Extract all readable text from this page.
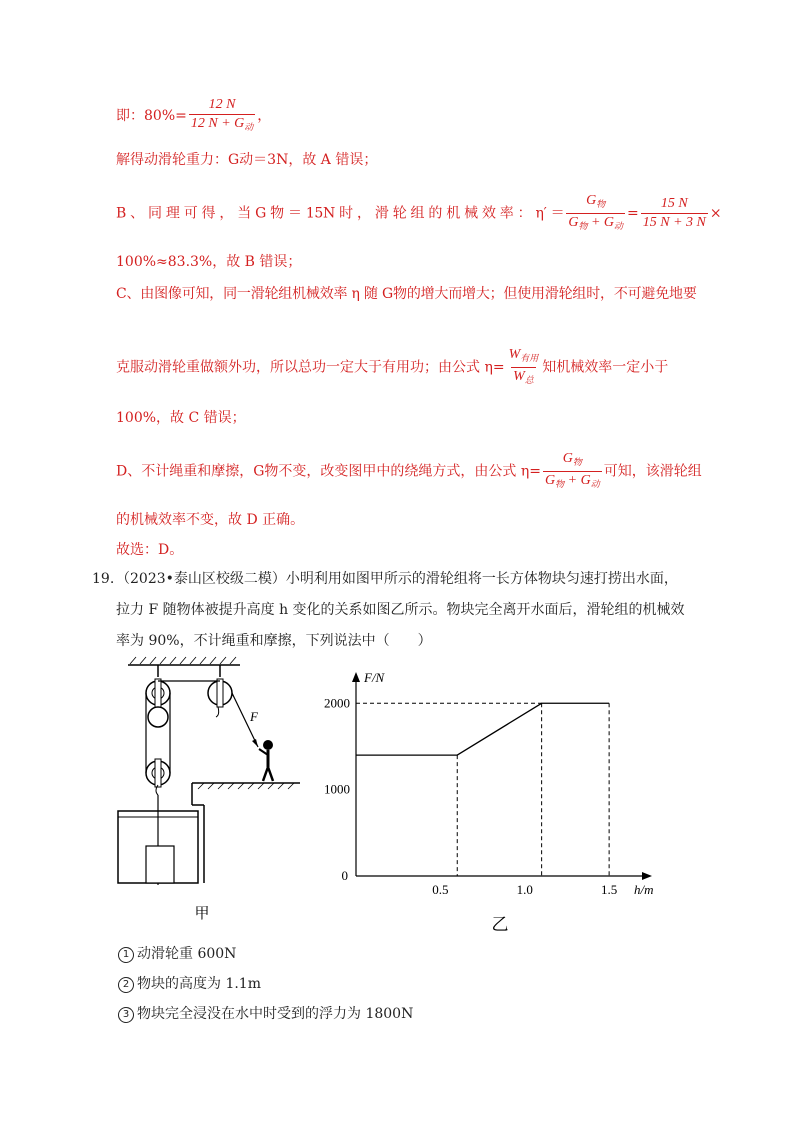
即：$80\%= \frac{12 N}{12 N + G_动}$ ，
解得动滑轮重力：G动＝3N，故 A 错误；
B 、 同 理 可 得 ， 当 G 物 ＝ 15N 时 ， 滑 轮 组 的 机 械 效 率 ： $\eta' = \frac{G_物}{G_物 + G_动} = \frac{15 N}{15 N + 3 N}$ ×
100%≈83.3%，故 B 错误；
C、由图像可知，同一滑轮组机械效率 η 随 G物的增大而增大；但使用滑轮组时，不可避免地要
克服动滑轮重做额外功，所以总功一定大于有用功；由公式 $\eta= \frac{W_{有用}}{W_总}$ 知机械效率一定小于
100%，故 C 错误；
D、不计绳重和摩擦，G物不变，改变图甲中的绕绳方式，由公式 $\eta= \frac{G_物}{G_物 + G_动}$ 可知，该滑轮组
的机械效率不变，故 D 正确。
故选：D。
19. （2023•泰山区校级二模）小明利用如图甲所示的滑轮组将一长方体物块匀速打捞出水面，拉力 F 随物体被提升高度 h 变化的关系如图乙所示。物块完全离开水面后，滑轮组的机械效率为 90%，不计绳重和摩擦，下列说法中（　　）
F
甲
0.5	1.0	1.5
1000
2000
0
F/N
h/m
乙
1 动滑轮重 600N
2 物块的高度为 1.1m
3 物块完全浸没在水中时受到的浮力为 1800N
